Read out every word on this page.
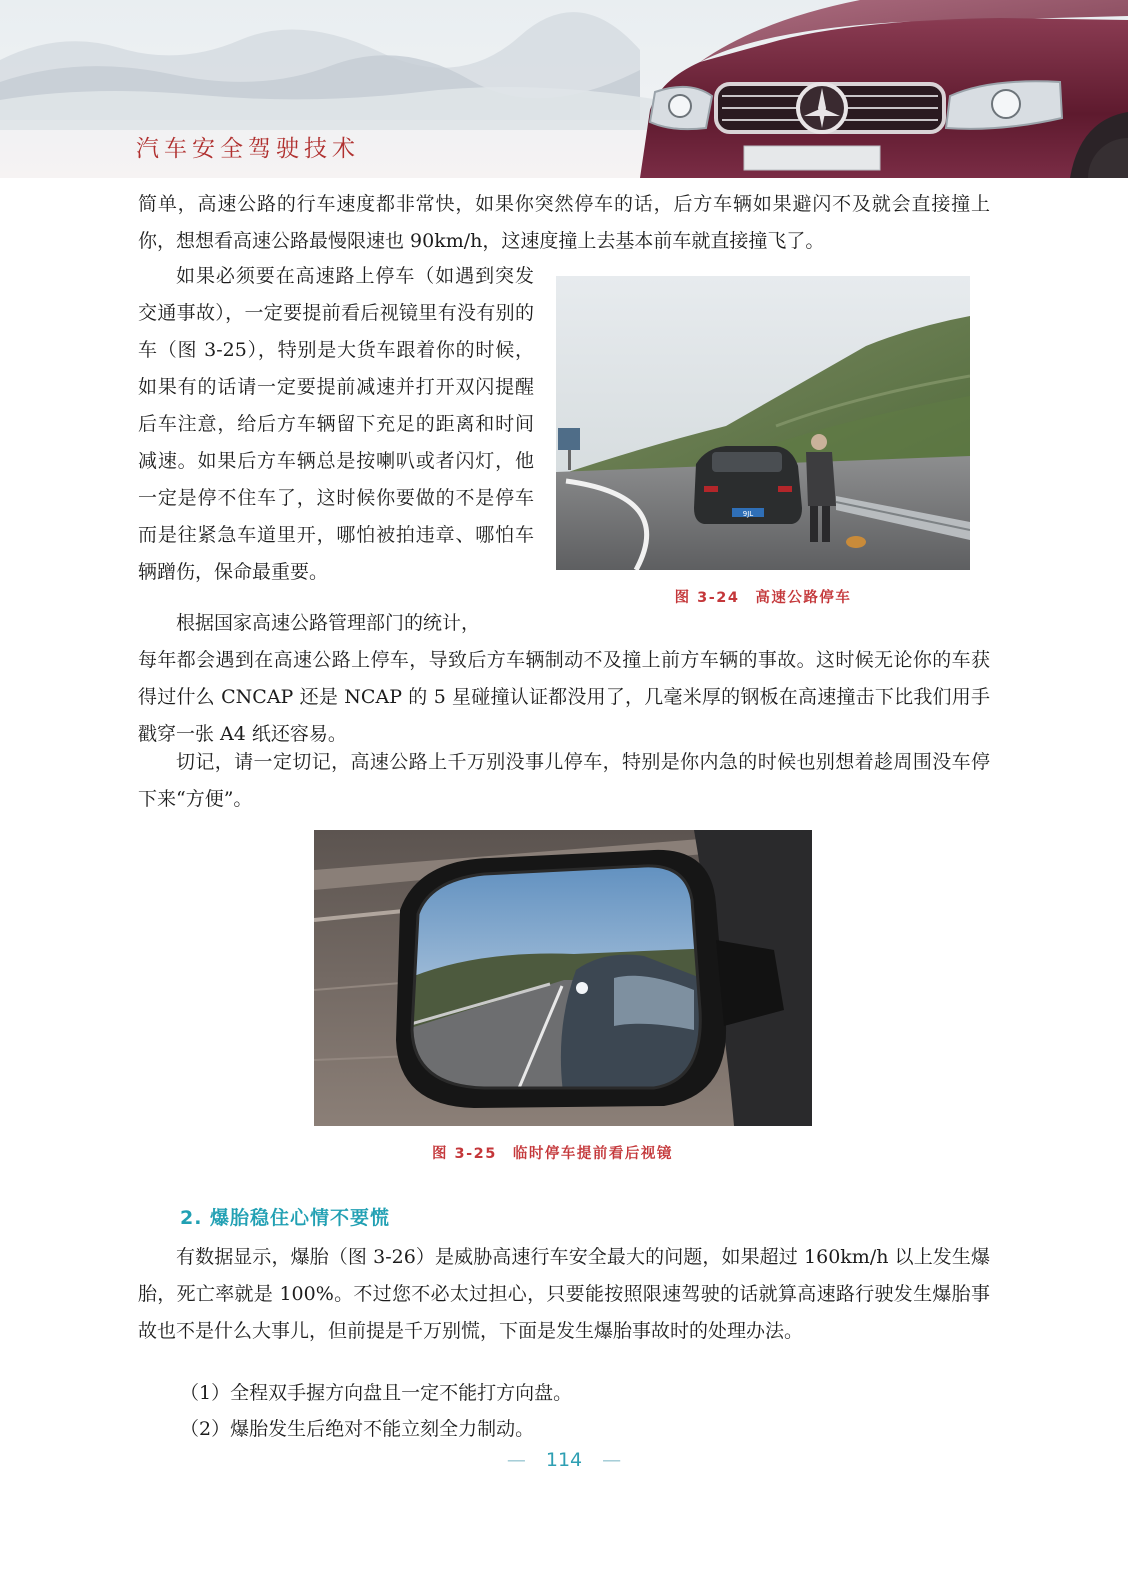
汽车安全驾驶技术

简单，高速公路的行车速度都非常快，如果你突然停车的话，后方车辆如果避闪不及就会直接撞上你，想想看高速公路最慢限速也 90km/h，这速度撞上去基本前车就直接撞飞了。

如果必须要在高速路上停车（如遇到突发交通事故），一定要提前看后视镜里有没有别的车（图 3-25），特别是大货车跟着你的时候，如果有的话请一定要提前减速并打开双闪提醒后车注意，给后方车辆留下充足的距离和时间减速。如果后方车辆总是按喇叭或者闪灯，他一定是停不住车了，这时候你要做的不是停车而是往紧急车道里开，哪怕被拍违章、哪怕车辆蹭伤，保命最重要。

9JL
图 3-24　高速公路停车

根据国家高速公路管理部门的统计，

每年都会遇到在高速公路上停车，导致后方车辆制动不及撞上前方车辆的事故。这时候无论你的车获得过什么 CNCAP 还是 NCAP 的 5 星碰撞认证都没用了，几毫米厚的钢板在高速撞击下比我们用手戳穿一张 A4 纸还容易。

切记，请一定切记，高速公路上千万别没事儿停车，特别是你内急的时候也别想着趁周围没车停下来“方便”。

图 3-25　临时停车提前看后视镜
2. 爆胎稳住心情不要慌

有数据显示，爆胎（图 3-26）是威胁高速行车安全最大的问题，如果超过 160km/h 以上发生爆胎，死亡率就是 100%。不过您不必太过担心，只要能按照限速驾驶的话就算高速路行驶发生爆胎事故也不是什么大事儿，但前提是千万别慌，下面是发生爆胎事故时的处理办法。

（1）全程双手握方向盘且一定不能打方向盘。
（2）爆胎发生后绝对不能立刻全力制动。
— 114 —
